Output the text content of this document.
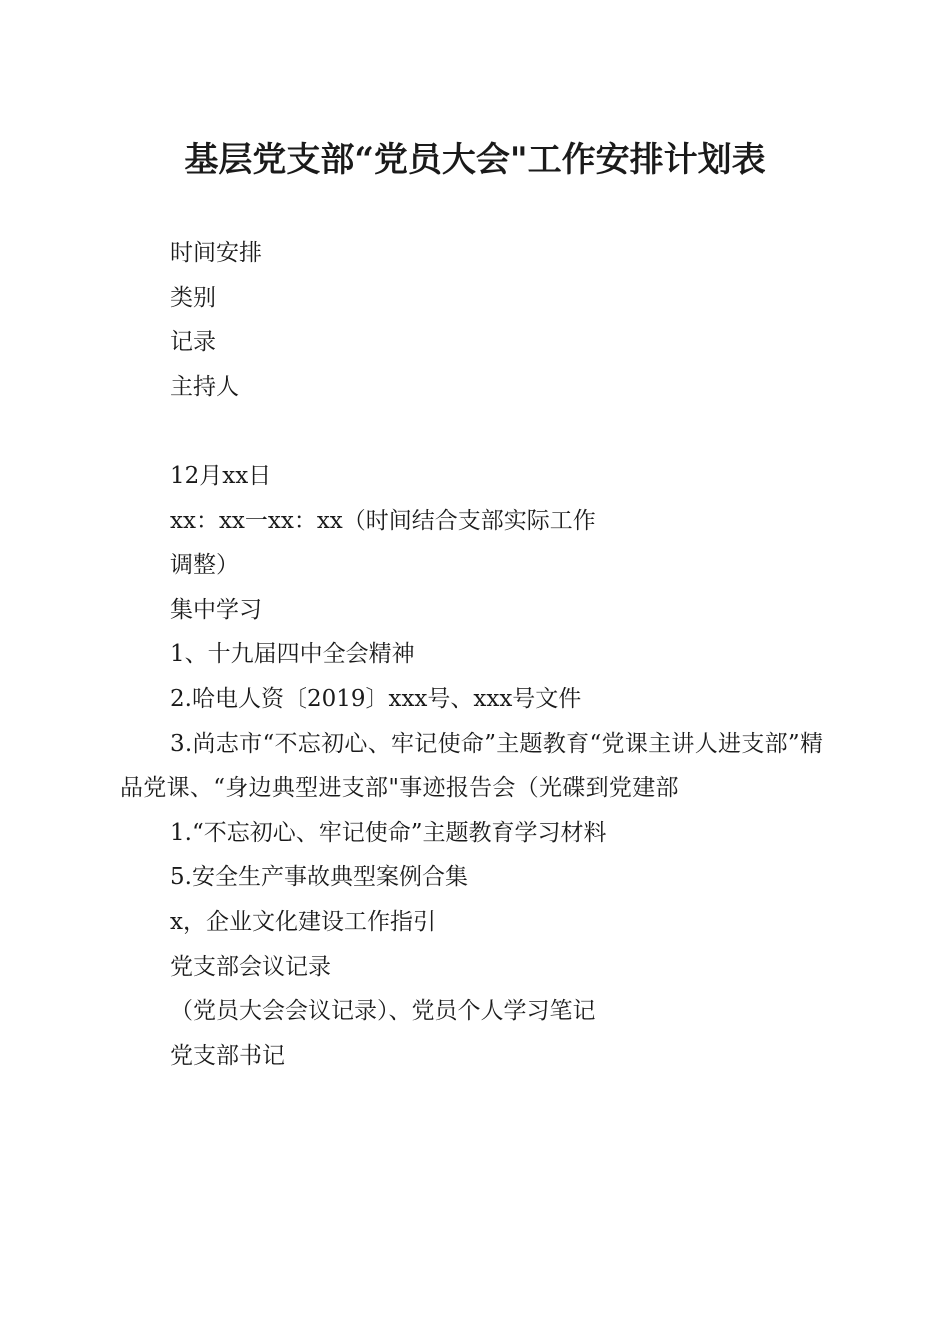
基层党支部“党员大会"工作安排计划表

时间安排

类别

记录

主持人

12月xx日

xx：xx一xx：xx（时间结合支部实际工作

调整）

集中学习

1、十九届四中全会精神

2.哈电人资〔2019〕xxx号、xxx号文件

3.尚志市“不忘初心、牢记使命”主题教育“党课主讲人进支部”精品党课、“身边典型进支部"事迹报告会（光碟到党建部

1.“不忘初心、牢记使命”主题教育学习材料

5.安全生产事故典型案例合集

x，企业文化建设工作指引

党支部会议记录

（党员大会会议记录）、党员个人学习笔记

党支部书记
